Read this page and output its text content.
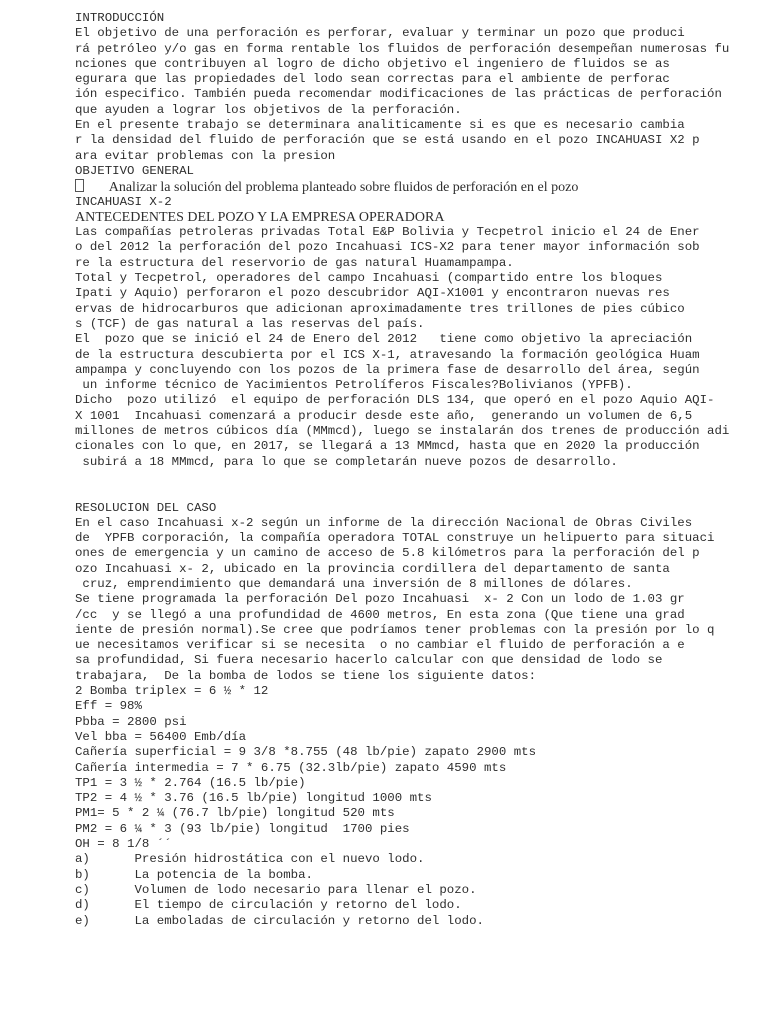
INTRODUCCIÓN
El objetivo de una perforación es perforar, evaluar y terminar un pozo que produci
rá petróleo y/o gas en forma rentable los fluidos de perforación desempeñan numerosas fu
nciones que contribuyen al logro de dicho objetivo el ingeniero de fluidos se as
egurara que las propiedades del lodo sean correctas para el ambiente de perforac
ión especifico. También pueda recomendar modificaciones de las prácticas de perforación
que ayuden a lograr los objetivos de la perforación.
En el presente trabajo se determinara analiticamente si es que es necesario cambia
r la densidad del fluido de perforación que se está usando en el pozo INCAHUASI X2 p
ara evitar problemas con la presion
OBJETIVO GENERAL
Analizar la solución del problema planteado sobre fluidos de perforación en el pozo
INCAHUASI X-2
ANTECEDENTES DEL POZO Y LA EMPRESA OPERADORA
Las compañías petroleras privadas Total E&P Bolivia y Tecpetrol inicio el 24 de Ener
o del 2012 la perforación del pozo Incahuasi ICS-X2 para tener mayor información sob
re la estructura del reservorio de gas natural Huamampampa.
Total y Tecpetrol, operadores del campo Incahuasi (compartido entre los bloques
Ipati y Aquio) perforaron el pozo descubridor AQI-X1001 y encontraron nuevas res
ervas de hidrocarburos que adicionan aproximadamente tres trillones de pies cúbico
s (TCF) de gas natural a las reservas del país.
El  pozo que se inició el 24 de Enero del 2012   tiene como objetivo la apreciación
de la estructura descubierta por el ICS X-1, atravesando la formación geológica Huam
ampampa y concluyendo con los pozos de la primera fase de desarrollo del área, según
un informe técnico de Yacimientos Petrolíferos Fiscales?Bolivianos (YPFB).
Dicho  pozo utilizó  el equipo de perforación DLS 134, que operó en el pozo Aquio AQI-
X 1001  Incahuasi comenzará a producir desde este año,  generando un volumen de 6,5
millones de metros cúbicos día (MMmcd), luego se instalarán dos trenes de producción adi
cionales con lo que, en 2017, se llegará a 13 MMmcd, hasta que en 2020 la producción
subirá a 18 MMmcd, para lo que se completarán nueve pozos de desarrollo.
RESOLUCION DEL CASO
En el caso Incahuasi x-2 según un informe de la dirección Nacional de Obras Civiles
de  YPFB corporación, la compañía operadora TOTAL construye un helipuerto para situaci
ones de emergencia y un camino de acceso de 5.8 kilómetros para la perforación del p
ozo Incahuasi x- 2, ubicado en la provincia cordillera del departamento de santa
cruz, emprendimiento que demandará una inversión de 8 millones de dólares.
Se tiene programada la perforación Del pozo Incahuasi  x- 2 Con un lodo de 1.03 gr
/cc  y se llegó a una profundidad de 4600 metros, En esta zona (Que tiene una grad
iente de presión normal).Se cree que podríamos tener problemas con la presión por lo q
ue necesitamos verificar si se necesita  o no cambiar el fluido de perforación a e
sa profundidad, Si fuera necesario hacerlo calcular con que densidad de lodo se
trabajara,  De la bomba de lodos se tiene los siguiente datos:
2 Bomba triplex = 6 ½ * 12
Eff = 98%
Pbba = 2800 psi
Vel bba = 56400 Emb/día
Cañería superficial = 9 3/8 *8.755 (48 lb/pie) zapato 2900 mts
Cañería intermedia = 7 * 6.75 (32.3lb/pie) zapato 4590 mts
TP1 = 3 ½ * 2.764 (16.5 lb/pie)
TP2 = 4 ½ * 3.76 (16.5 lb/pie) longitud 1000 mts
PM1= 5 * 2 ¼ (76.7 lb/pie) longitud 520 mts
PM2 = 6 ¼ * 3 (93 lb/pie) longitud  1700 pies
OH = 8 1/8 ´´
a)      Presión hidrostática con el nuevo lodo.
b)      La potencia de la bomba.
c)      Volumen de lodo necesario para llenar el pozo.
d)      El tiempo de circulación y retorno del lodo.
e)      La emboladas de circulación y retorno del lodo.
